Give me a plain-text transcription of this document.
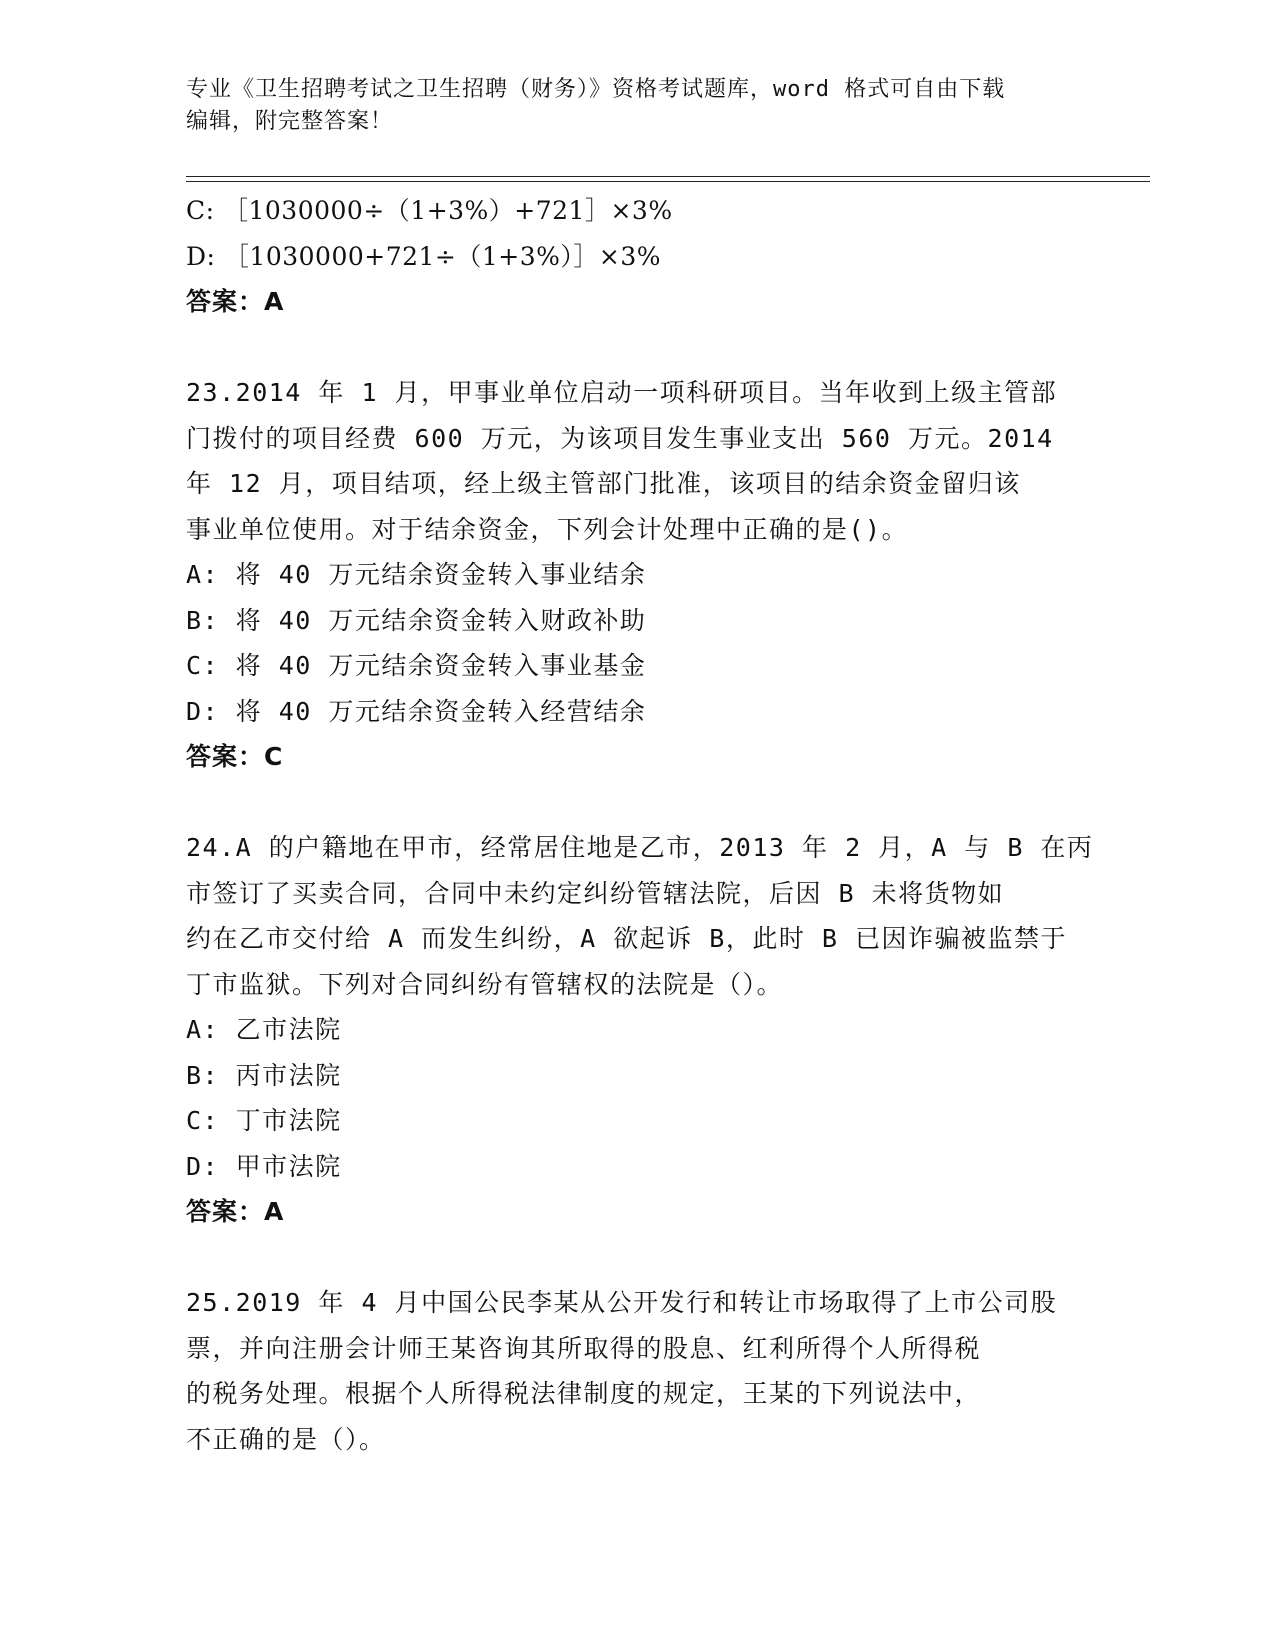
专业《卫生招聘考试之卫生招聘（财务）》资格考试题库，word 格式可自由下载
编辑，附完整答案！
C: ［1030000÷（1+3%）+721］×3%
D: ［1030000+721÷（1+3%）］×3%
答案：A
23.2014 年 1 月，甲事业单位启动一项科研项目。当年收到上级主管部
门拨付的项目经费 600 万元，为该项目发生事业支出 560 万元。2014
年 12 月，项目结项，经上级主管部门批准，该项目的结余资金留归该
事业单位使用。对于结余资金，下列会计处理中正确的是()。
A: 将 40 万元结余资金转入事业结余
B: 将 40 万元结余资金转入财政补助
C: 将 40 万元结余资金转入事业基金
D: 将 40 万元结余资金转入经营结余
答案：C
24.A 的户籍地在甲市，经常居住地是乙市，2013 年 2 月，A 与 B 在丙
市签订了买卖合同，合同中未约定纠纷管辖法院，后因 B 未将货物如
约在乙市交付给 A 而发生纠纷，A 欲起诉 B，此时 B 已因诈骗被监禁于
丁市监狱。下列对合同纠纷有管辖权的法院是（）。
A: 乙市法院
B: 丙市法院
C: 丁市法院
D: 甲市法院
答案：A
25.2019 年 4 月中国公民李某从公开发行和转让市场取得了上市公司股
票，并向注册会计师王某咨询其所取得的股息、红利所得个人所得税
的税务处理。根据个人所得税法律制度的规定，王某的下列说法中，
不正确的是（）。
